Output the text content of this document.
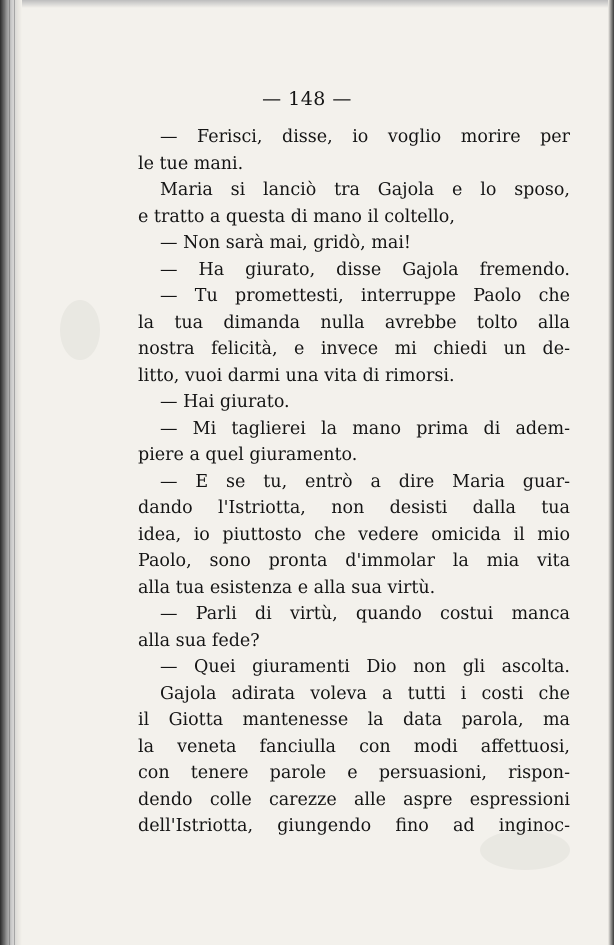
— 148 —
— Ferisci, disse, io voglio morire per
le tue mani.
Maria si lanciò tra Gajola e lo sposo,
e tratto a questa di mano il coltello,
— Non sarà mai, gridò, mai!
— Ha giurato, disse Gajola fremendo.
— Tu promettesti, interruppe Paolo che
la tua dimanda nulla avrebbe tolto alla
nostra felicità, e invece mi chiedi un de-
litto, vuoi darmi una vita di rimorsi.
— Hai giurato.
— Mi taglierei la mano prima di adem-
piere a quel giuramento.
— E se tu, entrò a dire Maria guar-
dando l'Istriotta, non desisti dalla tua
idea, io piuttosto che vedere omicida il mio
Paolo, sono pronta d'immolar la mia vita
alla tua esistenza e alla sua virtù.
— Parli di virtù, quando costui manca
alla sua fede?
— Quei giuramenti Dio non gli ascolta.
Gajola adirata voleva a tutti i costi che
il Giotta mantenesse la data parola, ma
la veneta fanciulla con modi affettuosi,
con tenere parole e persuasioni, rispon-
dendo colle carezze alle aspre espressioni
dell'Istriotta, giungendo fino ad inginoc-
